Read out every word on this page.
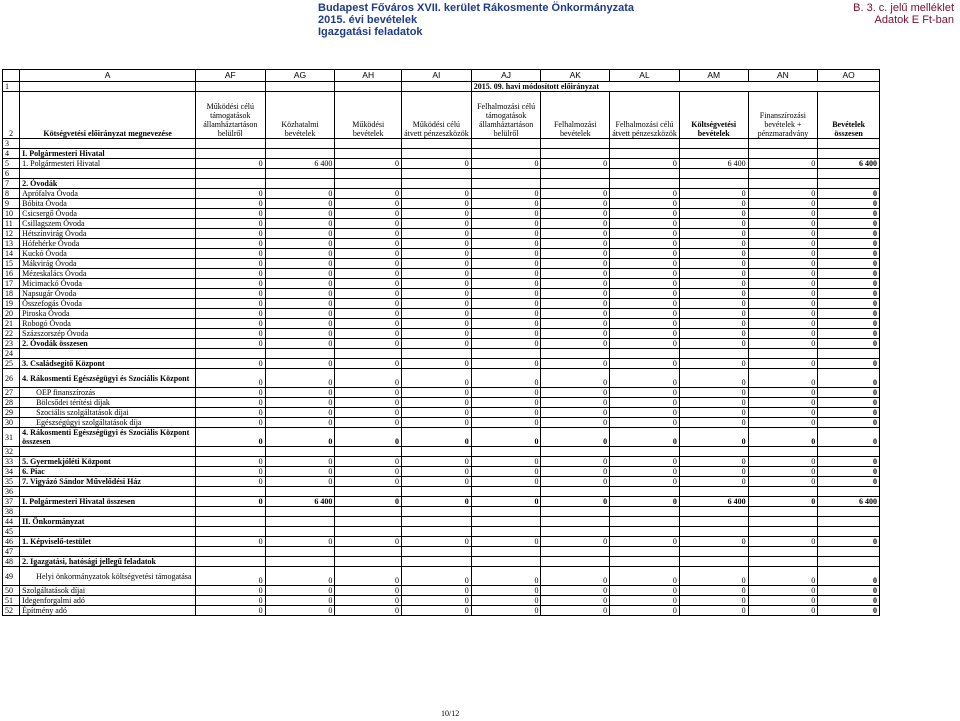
Budapest Főváros XVII. kerület Rákosmente Önkormányzata
2015. évi bevételek
Igazgatási feladatok
B. 3. c. jelű melléklet
Adatok E Ft-ban
	A	AF	AG	AH	AI	AJ	AK	AL	AM	AN	AO
1						2015. 09. havi módosított előirányzat					
2	Kötségvetési előirányzat megnevezése	Működési célú támogatások államháztartáson belülről	Közhatalmi bevételek	Működési bevételek	Működési célú átvett pénzeszközök	Felhalmozási célú támogatások államháztartáson belülről	Felhalmozási bevételek	Felhalmozási célú átvett pénzeszközök	Költségvetési bevételek	Finanszírozási bevételek + pénzmaradvány	Bevételek összesen
3											
4	I. Polgármesteri Hivatal										
5	1. Polgármesteri Hivatal	0	6 400	0	0	0	0	0	6 400	0	6 400
6											
7	2. Óvodák										
8	Aprófalva Óvoda	0	0	0	0	0	0	0	0	0	0
9	Bóbita Óvoda	0	0	0	0	0	0	0	0	0	0
10	Csicsergő Óvoda	0	0	0	0	0	0	0	0	0	0
11	Csillagszem Óvoda	0	0	0	0	0	0	0	0	0	0
12	Hétszínvirág Óvoda	0	0	0	0	0	0	0	0	0	0
13	Hófehérke Óvoda	0	0	0	0	0	0	0	0	0	0
14	Kuckó Óvoda	0	0	0	0	0	0	0	0	0	0
15	Mákvirág Óvoda	0	0	0	0	0	0	0	0	0	0
16	Mézeskalács Óvoda	0	0	0	0	0	0	0	0	0	0
17	Micimackó Óvoda	0	0	0	0	0	0	0	0	0	0
18	Napsugár Óvoda	0	0	0	0	0	0	0	0	0	0
19	Összefogás Óvoda	0	0	0	0	0	0	0	0	0	0
20	Piroska Óvoda	0	0	0	0	0	0	0	0	0	0
21	Robogó Óvoda	0	0	0	0	0	0	0	0	0	0
22	Százszorszép Óvoda	0	0	0	0	0	0	0	0	0	0
23	2. Óvodák összesen	0	0	0	0	0	0	0	0	0	0
24											
25	3. Családsegítő Központ	0	0	0	0	0	0	0	0	0	0
26	4. Rákosmenti Egészségügyi és Szociális Központ	0	0	0	0	0	0	0	0	0	0
27	OEP finanszírozás	0	0	0	0	0	0	0	0	0	0
28	Bölcsődei térítési díjak	0	0	0	0	0	0	0	0	0	0
29	Szociális szolgáltatások díjai	0	0	0	0	0	0	0	0	0	0
30	Egészségügyi szolgáltatások díja	0	0	0	0	0	0	0	0	0	0
31	4. Rákosmenti Egészségügyi és Szociális Központ összesen	0	0	0	0	0	0	0	0	0	0
32											
33	5. Gyermekjóléti Központ	0	0	0	0	0	0	0	0	0	0
34	6. Piac	0	0	0	0	0	0	0	0	0	0
35	7. Vigyázó Sándor Művelődési Ház	0	0	0	0	0	0	0	0	0	0
36											
37	I. Polgármesteri Hivatal összesen	0	6 400	0	0	0	0	0	6 400	0	6 400
38											
44	II. Önkormányzat										
45											
46	1. Képviselő-testület	0	0	0	0	0	0	0	0	0	0
47											
48	2. Igazgatási, hatósági jellegű feladatok										
49	Helyi önkormányzatok költségvetési támogatása	0	0	0	0	0	0	0	0	0	0
50	Szolgáltatások díjai	0	0	0	0	0	0	0	0	0	0
51	Idegenforgalmi adó	0	0	0	0	0	0	0	0	0	0
52	Építmény adó	0	0	0	0	0	0	0	0	0	0
10/12
